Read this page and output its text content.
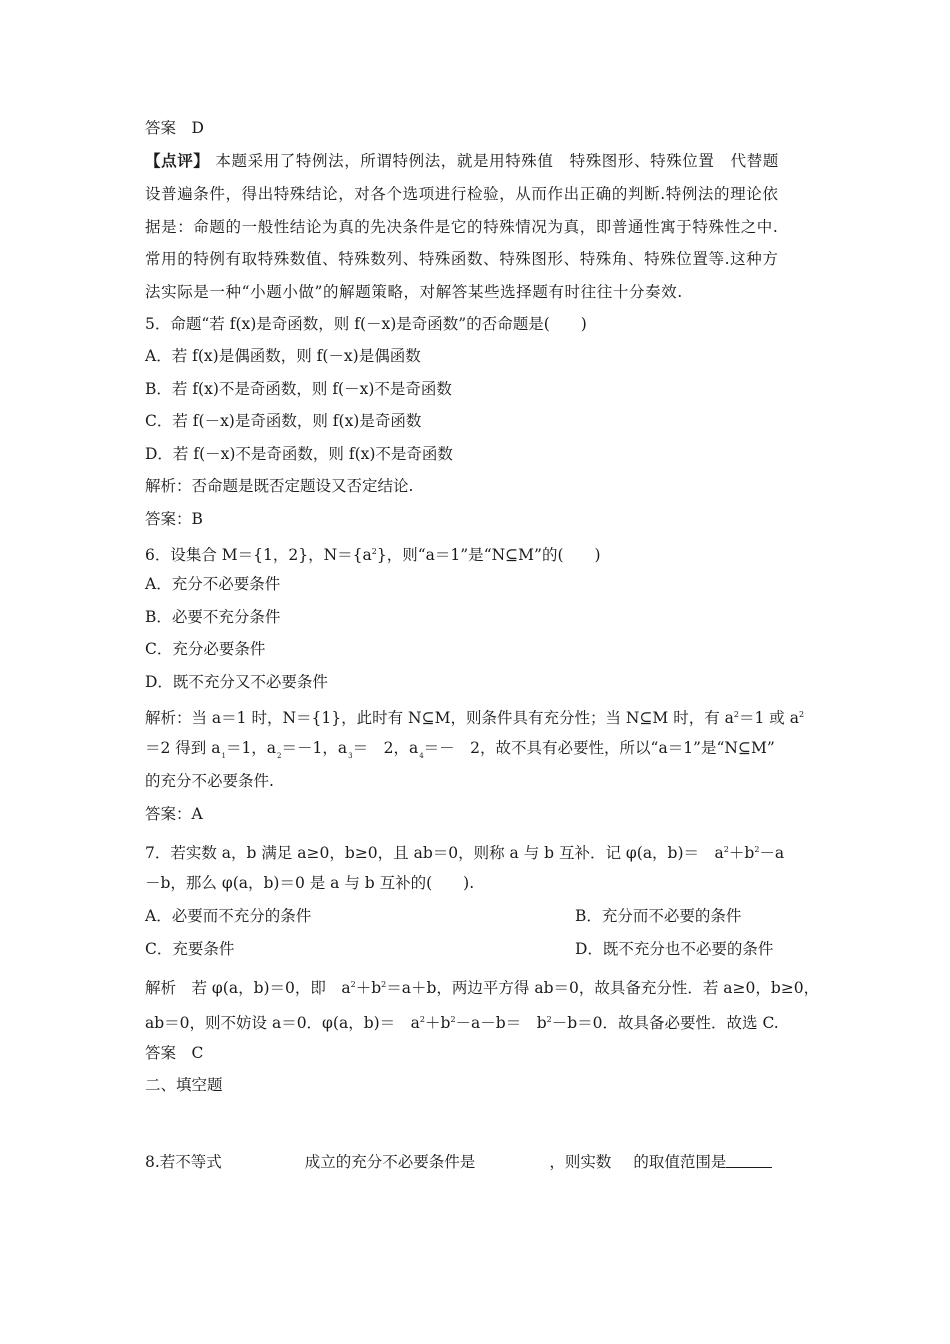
答案　D
【点评】 本题采用了特例法，所谓特例法，就是用特殊值　特殊图形、特殊位置　代替题
设普遍条件，得出特殊结论，对各个选项进行检验，从而作出正确的判断.特例法的理论依
据是：命题的一般性结论为真的先决条件是它的特殊情况为真，即普通性寓于特殊性之中.
常用的特例有取特殊数值、特殊数列、特殊函数、特殊图形、特殊角、特殊位置等.这种方
法实际是一种“小题小做”的解题策略，对解答某些选择题有时往往十分奏效.
5．命题“若 f(x)是奇函数，则 f(－x)是奇函数”的否命题是(　　)
A．若 f(x)是偶函数，则 f(－x)是偶函数
B．若 f(x)不是奇函数，则 f(－x)不是奇函数
C．若 f(－x)是奇函数，则 f(x)是奇函数
D．若 f(－x)不是奇函数，则 f(x)不是奇函数
解析：否命题是既否定题设又否定结论.
答案：B
6．设集合 M＝{1，2}，$N=\{a^2\}$，则“a＝1”是“N⊆M”的(　　)
A．充分不必要条件
B．必要不充分条件
C．充分必要条件
D．既不充分又不必要条件
解析：当 a＝1 时，N＝{1}，此时有 N⊆M，则条件具有充分性；当 N⊆M 时，有 $a^2=1$ 或 $a^2$
＝2 得到 $a_1=1$，$a_2=-1$，$a_3=$　2，$a_4=-$　2，故不具有必要性，所以“a＝1”是“N⊆M”
的充分不必要条件.
答案：A
7．若实数 a，b 满足 a≥0，b≥0，且 ab＝0，则称 a 与 b 互补．记 φ(a，b)＝　$a^2+b^2-a$
－b，那么 φ(a，b)＝0 是 a 与 b 互补的(　　).
A．必要而不充分的条件	B．充分而不必要的条件
C．充要条件	D．既不充分也不必要的条件
解析　若 φ(a，b)＝0，即　$a^2+b^2=a+b$，两边平方得 ab＝0，故具备充分性．若 a≥0，b≥0，
ab＝0，则不妨设 a＝0．φ(a，b)＝　$a^2+b^2-a-b=$　$b^2-b=0$．故具备必要性．故选 C.
答案　C
二、填空题
8.若不等式	成立的充分不必要条件是	，则实数 的取值范围是
